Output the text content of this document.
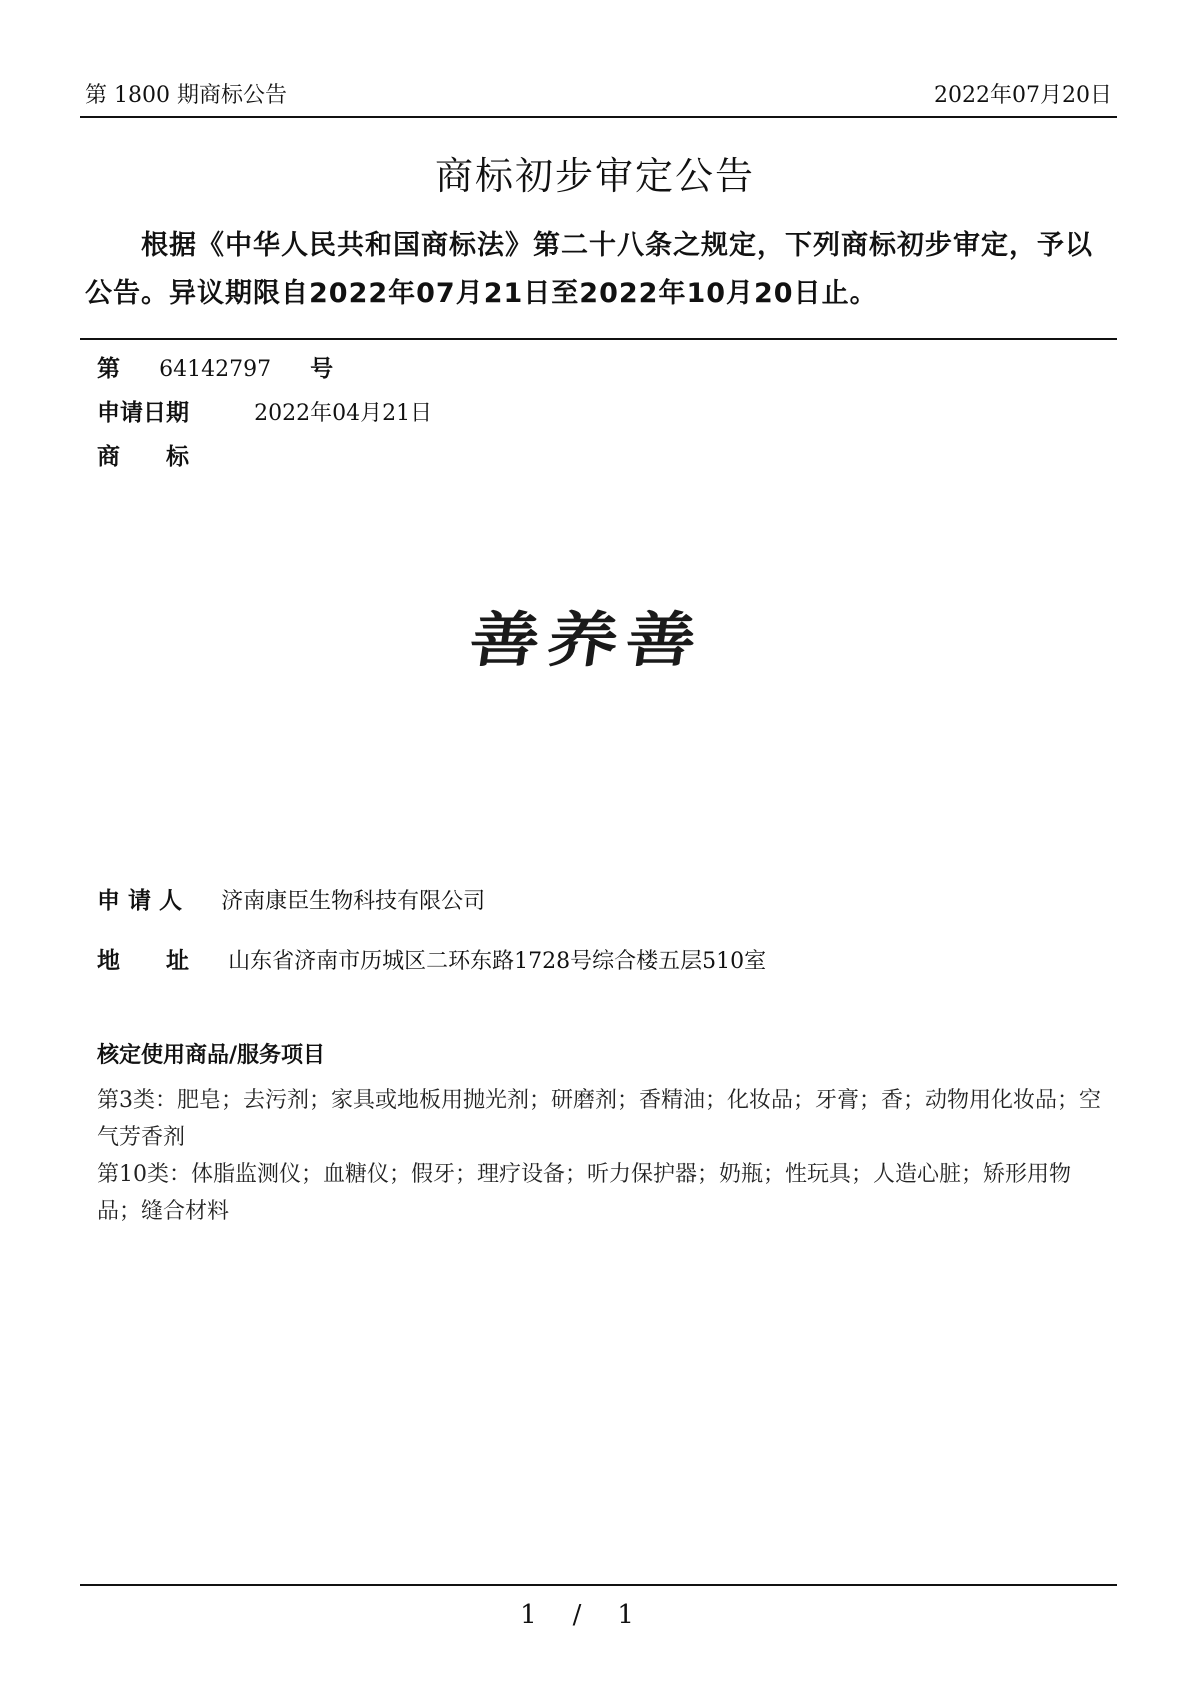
第 1800 期商标公告	2022年07月20日
商标初步审定公告
根据《中华人民共和国商标法》第二十八条之规定，下列商标初步审定，予以公告。异议期限自2022年07月21日至2022年10月20日止。
第 64142797 号
申请日期	2022年04月21日
商　　标
善养善
申 请 人 济南康臣生物科技有限公司
地　　址 山东省济南市历城区二环东路1728号综合楼五层510室
核定使用商品/服务项目
第3类：肥皂；去污剂；家具或地板用抛光剂；研磨剂；香精油；化妆品；牙膏；香；动物用化妆品；空气芳香剂
第10类：体脂监测仪；血糖仪；假牙；理疗设备；听力保护器；奶瓶；性玩具；人造心脏；矫形用物品；缝合材料
1/1
